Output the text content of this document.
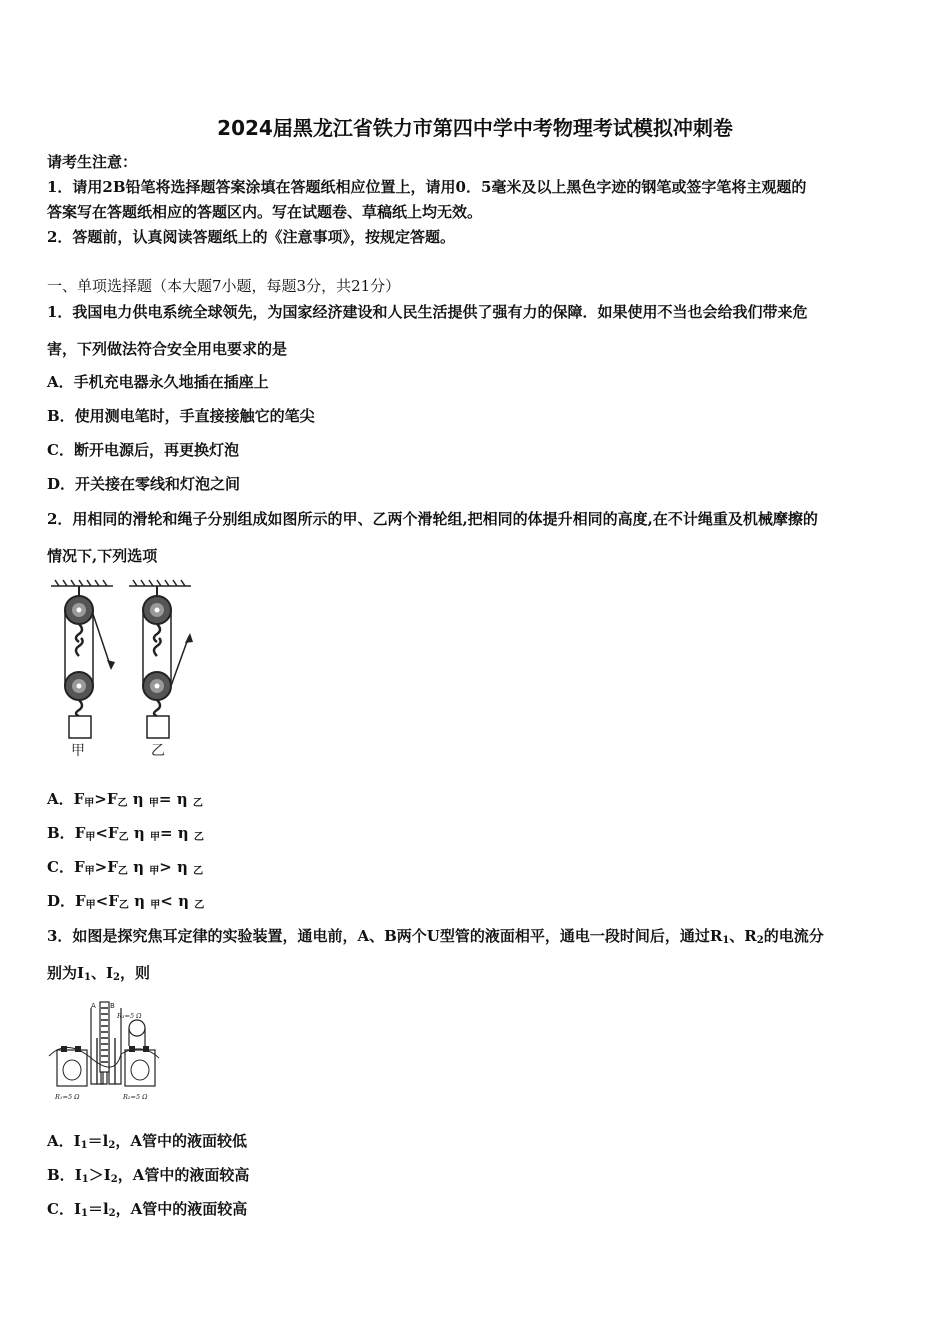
2024届黑龙江省铁力市第四中学中考物理考试模拟冲刺卷
请考生注意：
1．请用2B铅笔将选择题答案涂填在答题纸相应位置上，请用0．5毫米及以上黑色字迹的钢笔或签字笔将主观题的
答案写在答题纸相应的答题区内。写在试题卷、草稿纸上均无效。
2．答题前，认真阅读答题纸上的《注意事项》，按规定答题。
一、单项选择题（本大题7小题，每题3分，共21分）
1．我国电力供电系统全球领先，为国家经济建设和人民生活提供了强有力的保障．如果使用不当也会给我们带来危
害，下列做法符合安全用电要求的是
A．手机充电器永久地插在插座上
B．使用测电笔时，手直接接触它的笔尖
C．断开电源后，再更换灯泡
D．开关接在零线和灯泡之间
2．用相同的滑轮和绳子分别组成如图所示的甲、乙两个滑轮组,把相同的体提升相同的高度,在不计绳重及机械摩擦的
情况下,下列选项
甲	乙
A．$F_甲>F_乙$ η $_甲$= η $_乙$
B．$F_甲<F_乙$ η $_甲$= η $_乙$
C．$F_甲>F_乙$ η $_甲$> η $_乙$
D．$F_甲<F_乙$ η $_甲$< η $_乙$
3．如图是探究焦耳定律的实验装置，通电前，A、B两个U型管的液面相平，通电一段时间后，通过$R_1$、$R_2$的电流分
别为$I_1$、$I_2$，则
A B
R₃=5 Ω
R₁=5 Ω	R₂=5 Ω
A．$I_1=l_2$，A管中的液面较低
B．$I_1>I_2$，A管中的液面较高
C．$I_1=l_2$，A管中的液面较高
